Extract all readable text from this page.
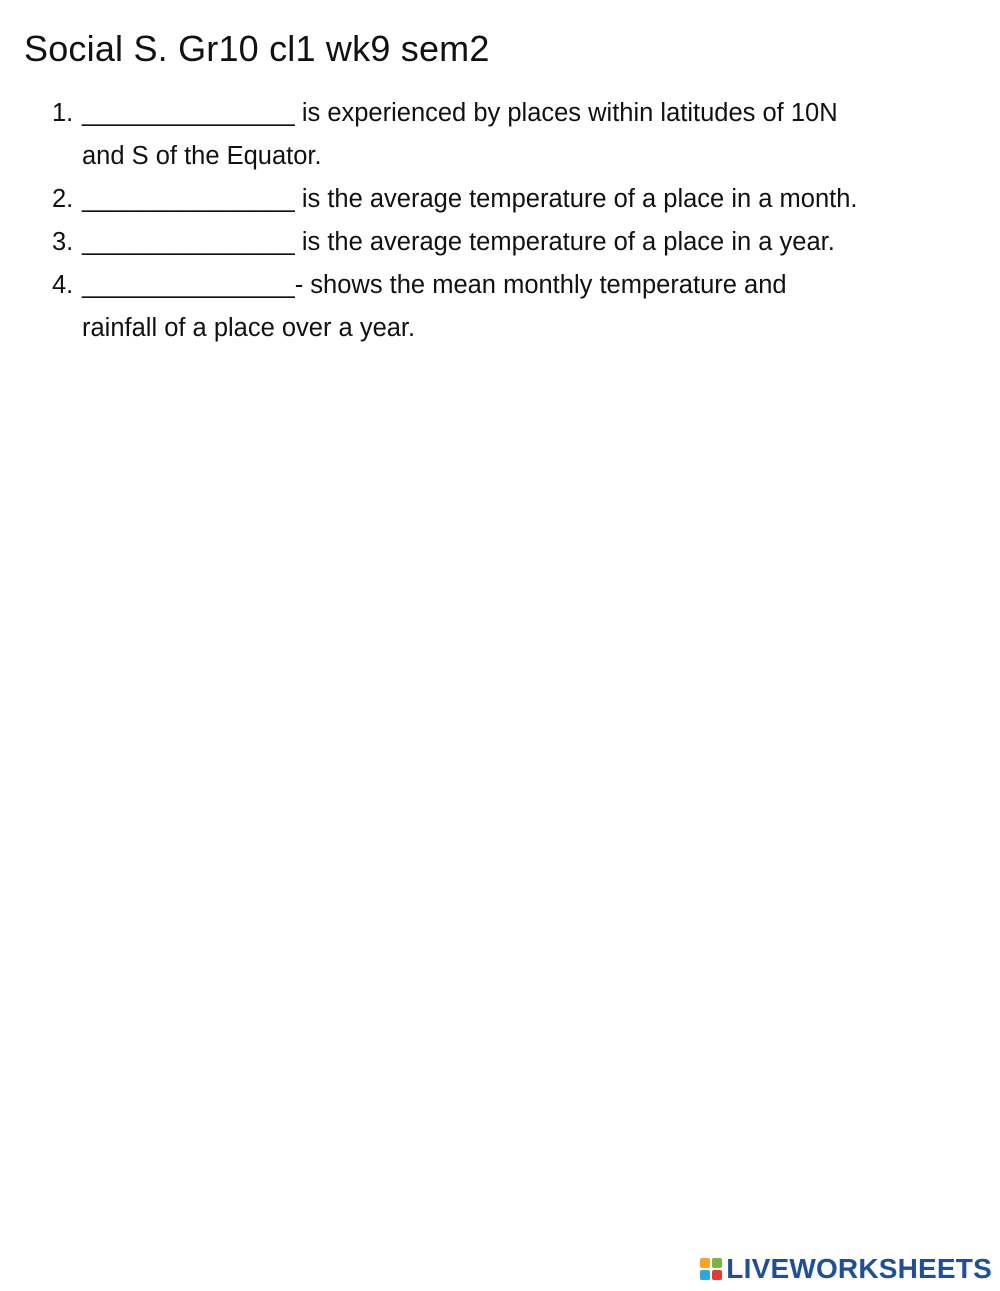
Social S. Gr10 cl1 wk9 sem2
1. _______________ is experienced by places within latitudes of 10N
and S of the Equator.
2. _______________ is the average temperature of a place in a month.
3. _______________ is the average temperature of a place in a year.
4. _______________- shows the mean monthly temperature and
rainfall of a place over a year.
LIVEWORKSHEETS
